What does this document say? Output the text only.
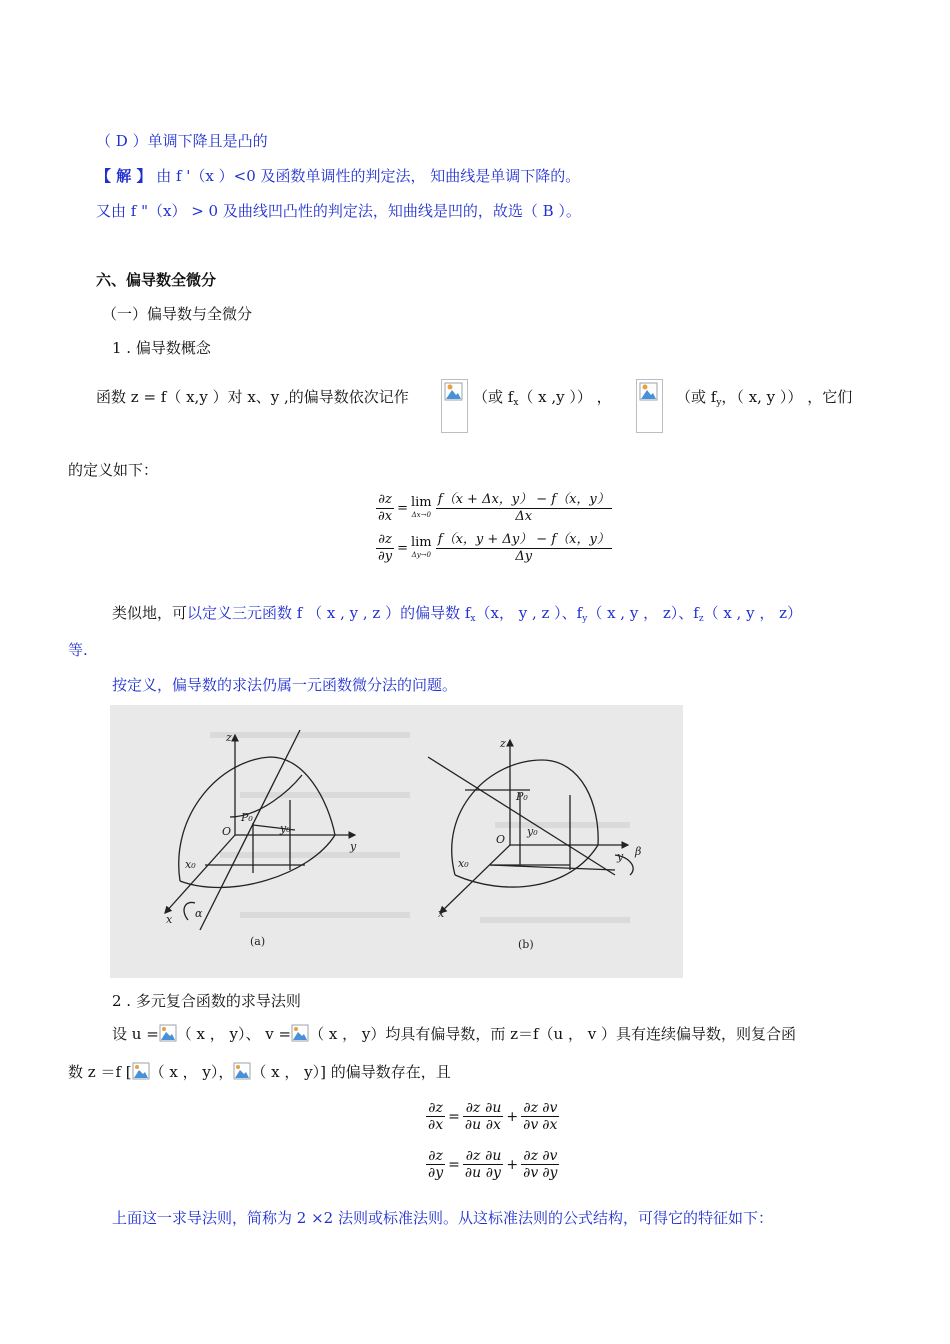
（ D ）单调下降且是凸的
【 解 】 由 f '（x ）<0 及函数单调性的判定法， 知曲线是单调下降的。
又由 f "（x） > 0 及曲线凹凸性的判定法，知曲线是凹的，故选（ B ）。
六、偏导数全微分
（一）偏导数与全微分
1 . 偏导数概念
函数 z = f（ x,y ）对 x、y ,的偏导数依次记作	（或 $f_x$（ x ,y ）） ，	（或 $f_y$，（ x, y ）） ，它们
的定义如下：
$\frac{\partial z}{\partial x} = \lim$
Δx→0
$\frac{f(x + \Delta x,y) - f(x,y)}{\Delta x}$
$\frac{\partial z}{\partial y} = \lim$
Δy→0
$\frac{f(x,y + \Delta y) - f(x,y)}{\Delta y}$
类似地，可以定义三元函数 f （ x , y , z ）的偏导数 $f_x(x$， y , z ）、$f_y$（ x , y ， z）、$f_z$（ x , y ， z）
等.
按定义，偏导数的求法仍属一元函数微分法的问题。
z
y
x
O
P₀
y₀
x₀
α
(a)
z
y
x
O
P₀
y₀
x₀
β
(b)
2 . 多元复合函数的求导法则
设 u = （ x ， y）、 v = （ x ， y）均具有偏导数，而 z＝f（u ， v ）具有连续偏导数，则复合函
数 z ＝f [ （ x ， y）， （ x ， y）] 的偏导数存在，且
$\frac{\partial z}{\partial x} = \frac{\partial z}{\partial u} \frac{\partial u}{\partial x} + \frac{\partial z}{\partial v} \frac{\partial v}{\partial x}$
$\frac{\partial z}{\partial y} = \frac{\partial z}{\partial u} \frac{\partial u}{\partial y} + \frac{\partial z}{\partial v} \frac{\partial v}{\partial y}$
上面这一求导法则，简称为 2 ×2 法则或标准法则。从这标准法则的公式结构，可得它的特征如下：
